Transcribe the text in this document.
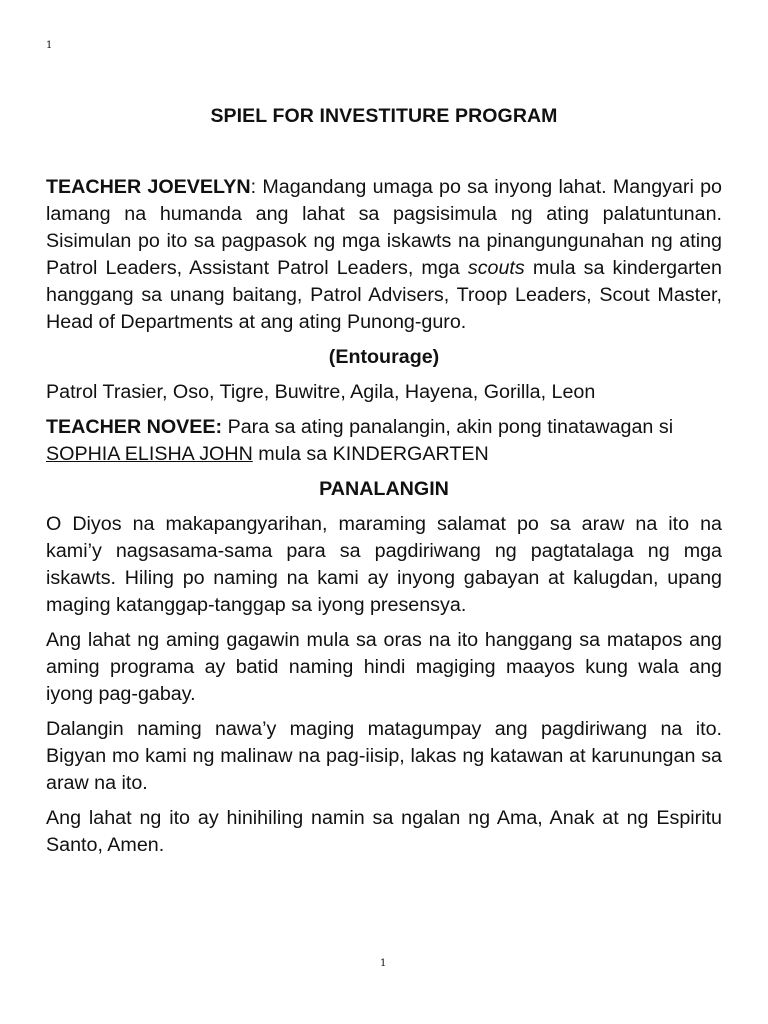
1
SPIEL FOR INVESTITURE PROGRAM

TEACHER JOEVELYN: Magandang umaga po sa inyong lahat. Mangyari po lamang na humanda ang lahat sa pagsisimula ng ating palatuntunan. Sisimulan po ito sa pagpasok ng mga iskawts na pinangungunahan ng ating Patrol Leaders, Assistant Patrol Leaders, mga scouts mula sa kindergarten hanggang sa unang baitang, Patrol Advisers, Troop Leaders, Scout Master, Head of Departments at ang ating Punong-guro.

(Entourage)

Patrol Trasier, Oso, Tigre, Buwitre, Agila, Hayena, Gorilla, Leon

TEACHER NOVEE: Para sa ating panalangin, akin pong tinatawagan si SOPHIA ELISHA JOHN mula sa KINDERGARTEN

PANALANGIN

O Diyos na makapangyarihan, maraming salamat po sa araw na ito na kami’y nagsasama-sama para sa pagdiriwang ng pagtatalaga ng mga iskawts. Hiling po naming na kami ay inyong gabayan at kalugdan, upang maging katanggap-tanggap sa iyong presensya.

Ang lahat ng aming gagawin mula sa oras na ito hanggang sa matapos ang aming programa ay batid naming hindi magiging maayos kung wala ang iyong pag-gabay.

Dalangin naming nawa’y maging matagumpay ang pagdiriwang na ito. Bigyan mo kami ng malinaw na pag-iisip, lakas ng katawan at karunungan sa araw na ito.

Ang lahat ng ito ay hinihiling namin sa ngalan ng Ama, Anak at ng Espiritu Santo, Amen.

1
